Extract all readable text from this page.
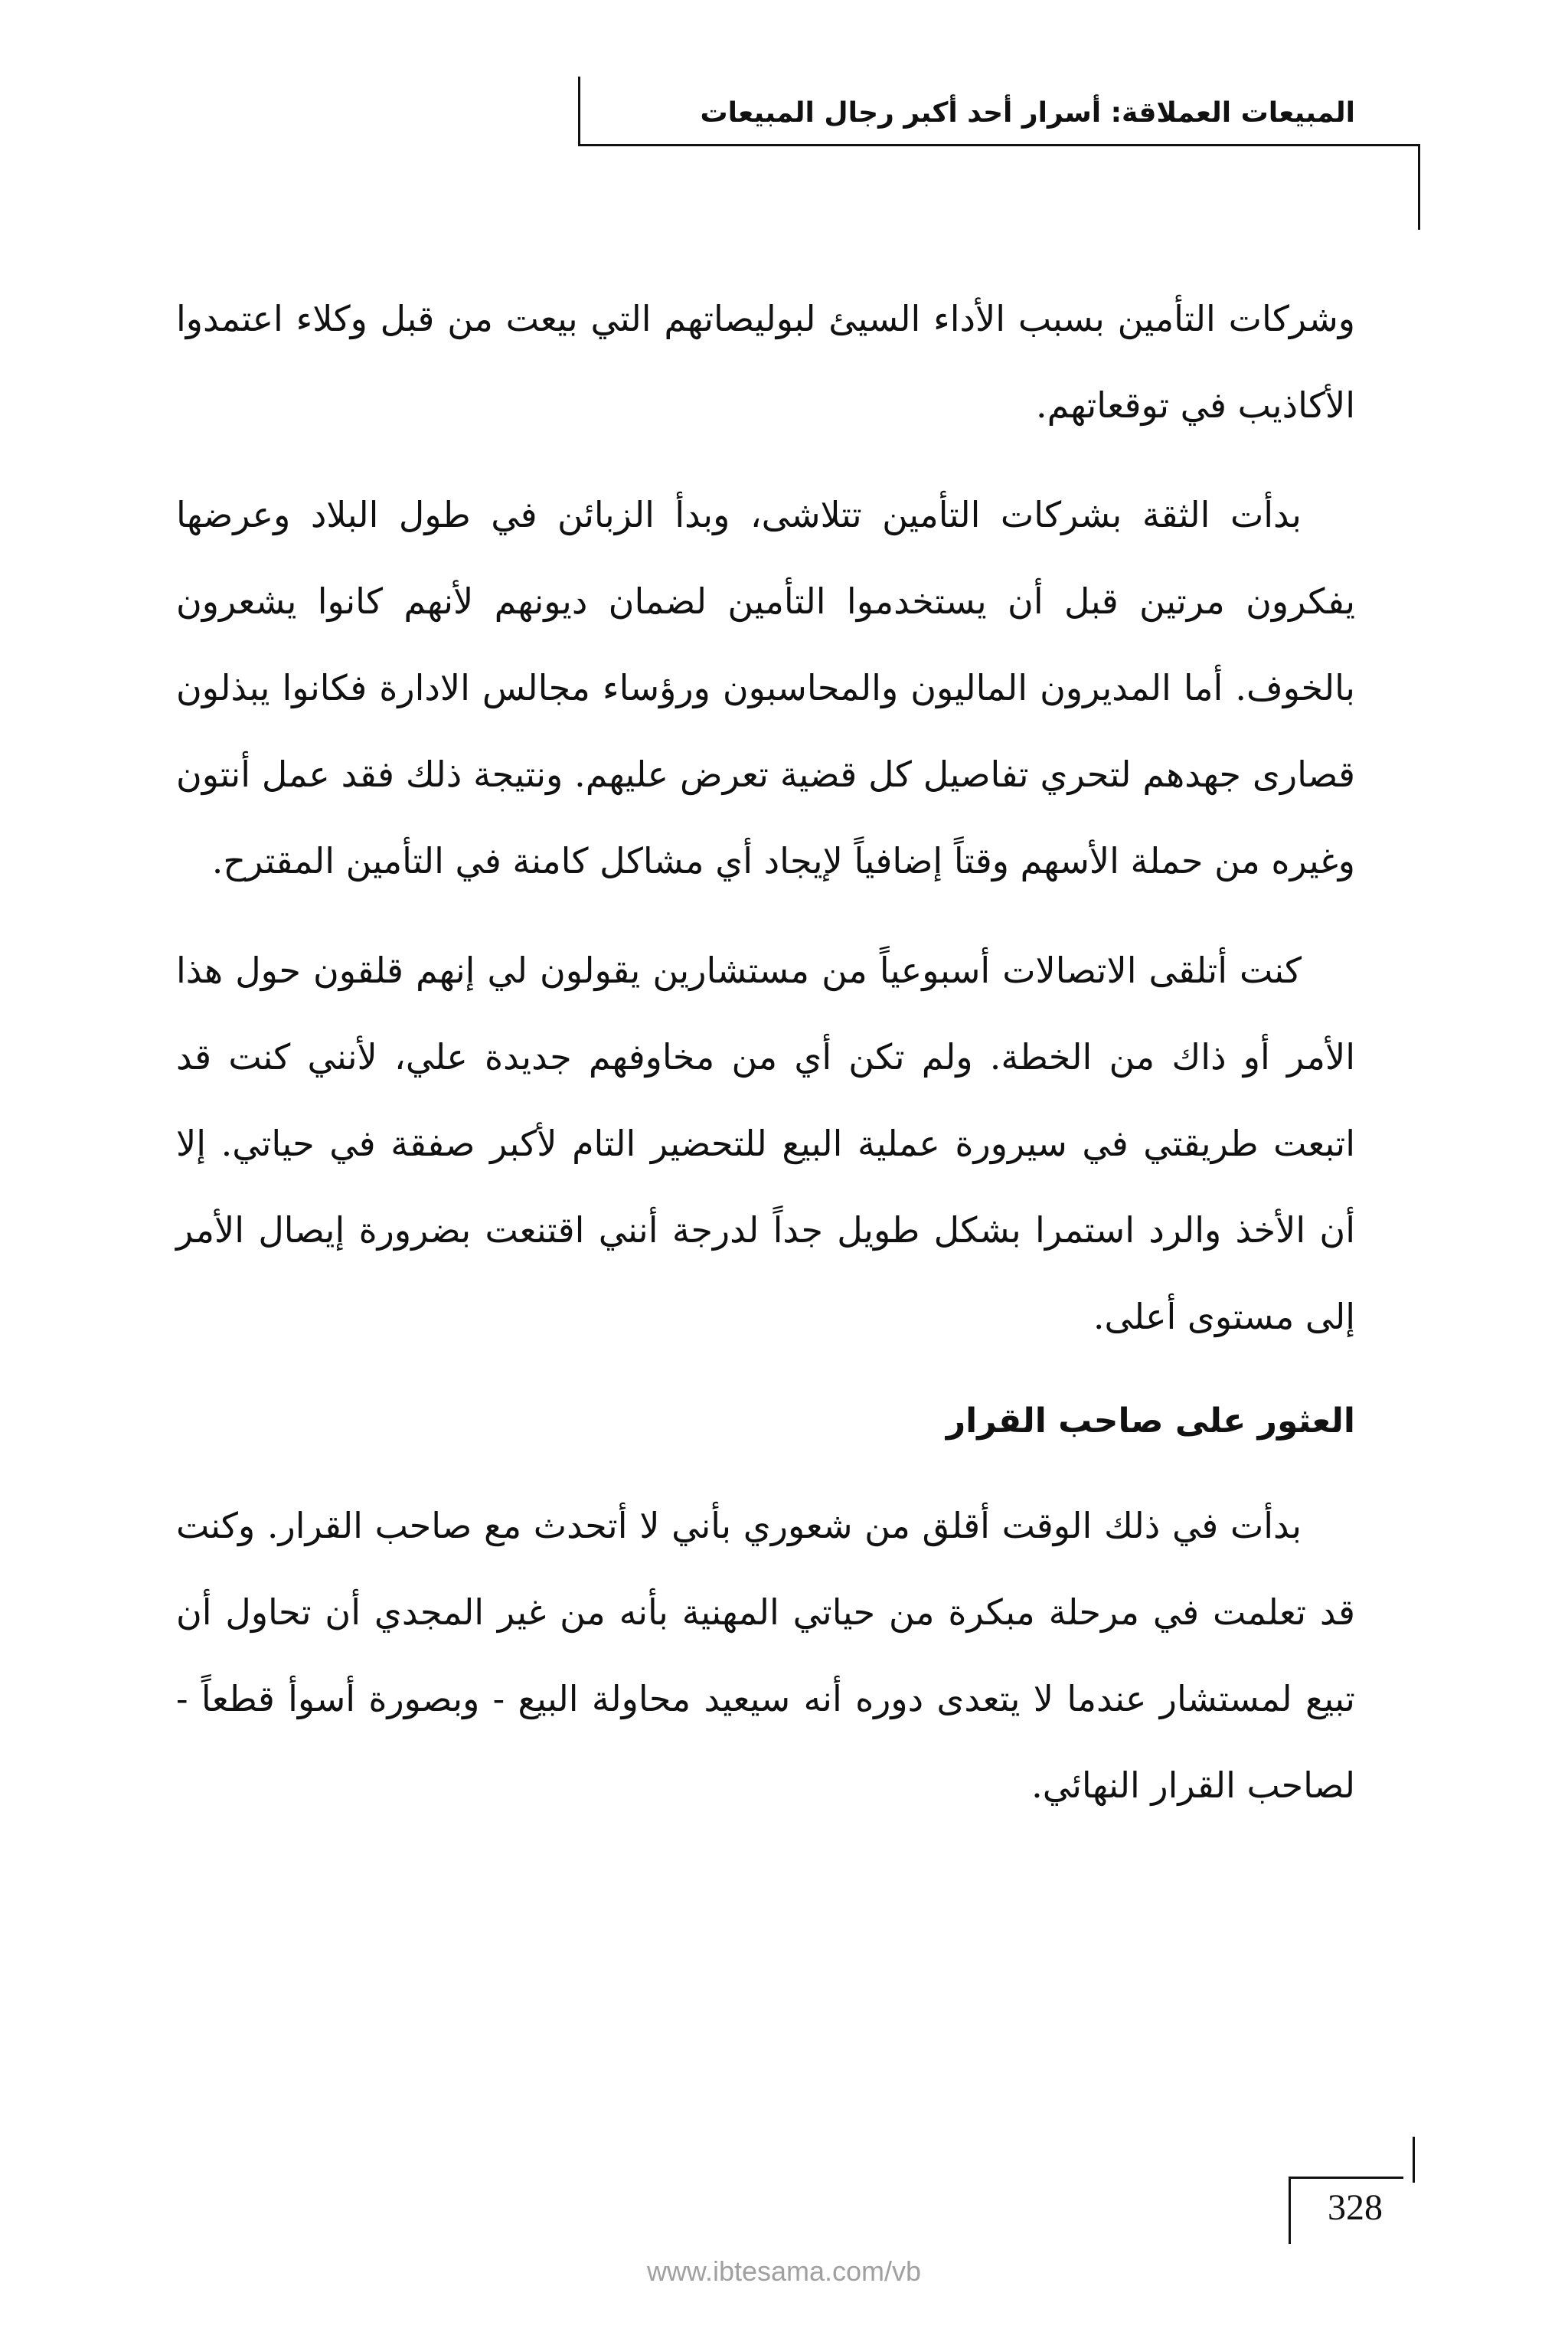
المبيعات العملاقة: أسرار أحد أكبر رجال المبيعات

وشركات التأمين بسبب الأداء السيئ لبوليصاتهم التي بيعت من قبل وكلاء اعتمدوا الأكاذيب في توقعاتهم.

بدأت الثقة بشركات التأمين تتلاشى، وبدأ الزبائن في طول البلاد وعرضها يفكرون مرتين قبل أن يستخدموا التأمين لضمان ديونهم لأنهم كانوا يشعرون بالخوف. أما المديرون الماليون والمحاسبون ورؤساء مجالس الادارة فكانوا يبذلون قصارى جهدهم لتحري تفاصيل كل قضية تعرض عليهم. ونتيجة ذلك فقد عمل أنتون وغيره من حملة الأسهم وقتاً إضافياً لإيجاد أي مشاكل كامنة في التأمين المقترح.

كنت أتلقى الاتصالات أسبوعياً من مستشارين يقولون لي إنهم قلقون حول هذا الأمر أو ذاك من الخطة. ولم تكن أي من مخاوفهم جديدة علي، لأنني كنت قد اتبعت طريقتي في سيرورة عملية البيع للتحضير التام لأكبر صفقة في حياتي. إلا أن الأخذ والرد استمرا بشكل طويل جداً لدرجة أنني اقتنعت بضرورة إيصال الأمر إلى مستوى أعلى.

العثور على صاحب القرار

بدأت في ذلك الوقت أقلق من شعوري بأني لا أتحدث مع صاحب القرار. وكنت قد تعلمت في مرحلة مبكرة من حياتي المهنية بأنه من غير المجدي أن تحاول أن تبيع لمستشار عندما لا يتعدى دوره أنه سيعيد محاولة البيع - وبصورة أسوأ قطعاً - لصاحب القرار النهائي.

328
www.ibtesama.com/vb
